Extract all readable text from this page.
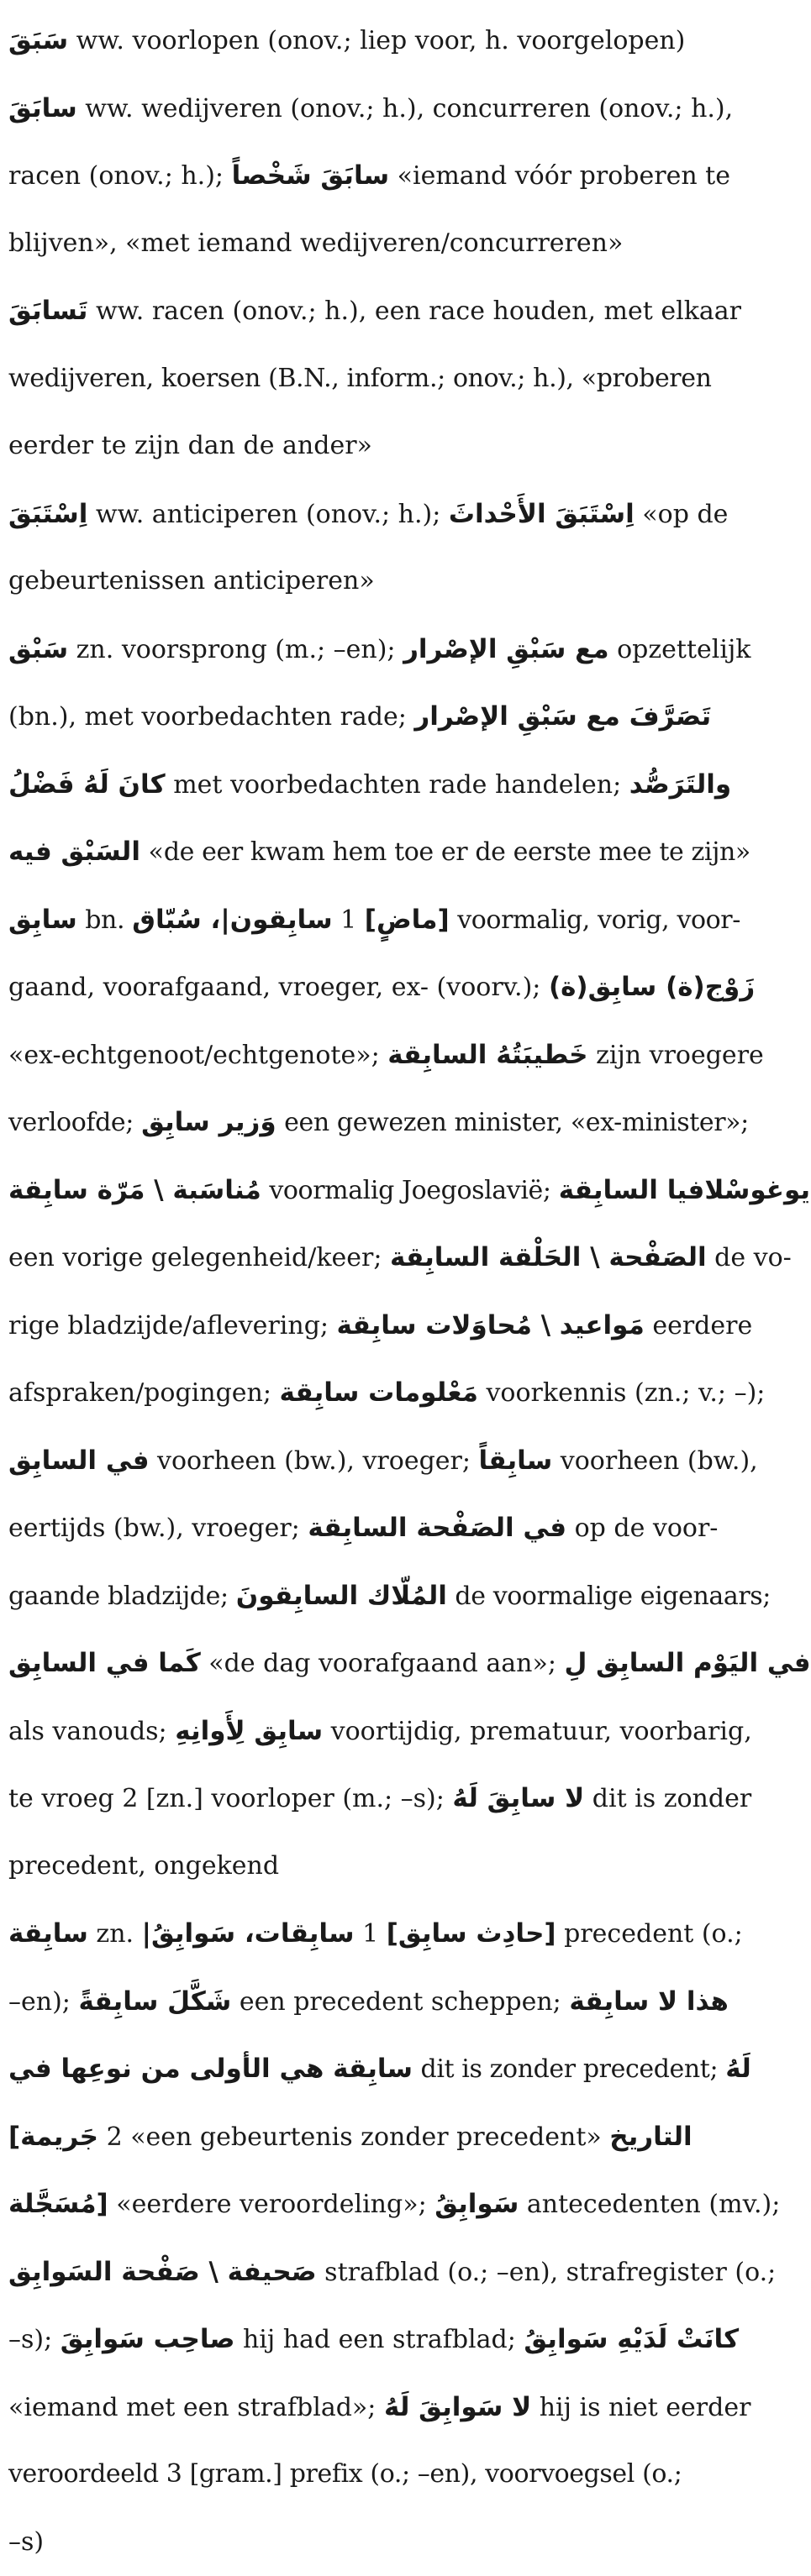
سَبَقَ ww. voorlopen (onov.; liep voor, h. voorgelopen)
سابَقَ ww. wedijveren (onov.; h.), concurreren (onov.; h.),
racen (onov.; h.); سابَقَ شَخْصاً «iemand vóór proberen te
blijven», «met iemand wedijveren/concurreren»
تَسابَقَ ww. racen (onov.; h.), een race houden, met elkaar
wedijveren, koersen (B.N., inform.; onov.; h.), «proberen
eerder te zijn dan de ander»
اِسْتَبَقَ ww. anticiperen (onov.; h.); اِسْتَبَقَ الأَحْداثَ «op de
gebeurtenissen anticiperen»
سَبْق zn. voorsprong (m.; –en); مع سَبْقِ الإصْرار opzettelijk
(bn.), met voorbedachten rade; تَصَرَّفَ مع سَبْقِ الإصْرار
كانَ لَهُ فَضْلُ met voorbedachten rade handelen; والتَرَصُّد
السَبْق فيه «de eer kwam hem toe er de eerste mee te zijn»
سابِق bn. سابِقون|، سُبّاق 1 [ماضٍ] voormalig, vorig, voor-
gaand, voorafgaand, vroeger, ex- (voorv.); زَوْج(ة) سابِق(ة)
«ex-echtgenoot/echtgenote»; خَطيبَتُهُ السابِقة zijn vroegere
verloofde; وَزير سابِق een gewezen minister, «ex-minister»;
مُناسَبة \ مَرّة سابِقة voormalig Joegoslavië; يوغوسْلافيا السابِقة
een vorige gelegenheid/keer; الصَفْحة \ الحَلْقة السابِقة de vo-
rige bladzijde/aflevering; مَواعيد \ مُحاوَلات سابِقة eerdere
afspraken/pogingen; مَعْلومات سابِقة voorkennis (zn.; v.; –);
في السابِق voorheen (bw.), vroeger; سابِقاً voorheen (bw.),
eertijds (bw.), vroeger; في الصَفْحة السابِقة op de voor-
gaande bladzijde; المُلّاك السابِقونَ de voormalige eigenaars;
كَما في السابِق «de dag voorafgaand aan»; في اليَوْم السابِق لِ
als vanouds; سابِق لِأَوانِهِ voortijdig, prematuur, voorbarig,
te vroeg 2 [zn.] voorloper (m.; –s); لا سابِقَ لَهُ dit is zonder
precedent, ongekend
سابِقة zn. سابِقات، سَوابِقُ| 1 [حادِث سابِق] precedent (o.;
–en); شَكَّلَ سابِقةً een precedent scheppen; هذا لا سابِقة
سابِقة هي الأولى من نوعِها في dit is zonder precedent; لَهُ
جَريمة] 2 «een gebeurtenis zonder precedent» التاريخ
[مُسَجَّلة «eerdere veroordeling»; سَوابِقُ antecedenten (mv.);
صَحيفة \ صَفْحة السَوابِق strafblad (o.; –en), strafregister (o.;
–s); صاحِب سَوابِقَ hij had een strafblad; كانَتْ لَدَيْهِ سَوابِقُ
«iemand met een strafblad»; لا سَوابِقَ لَهُ hij is niet eerder
veroordeeld 3 [gram.] prefix (o.; –en), voorvoegsel (o.;
–s)
